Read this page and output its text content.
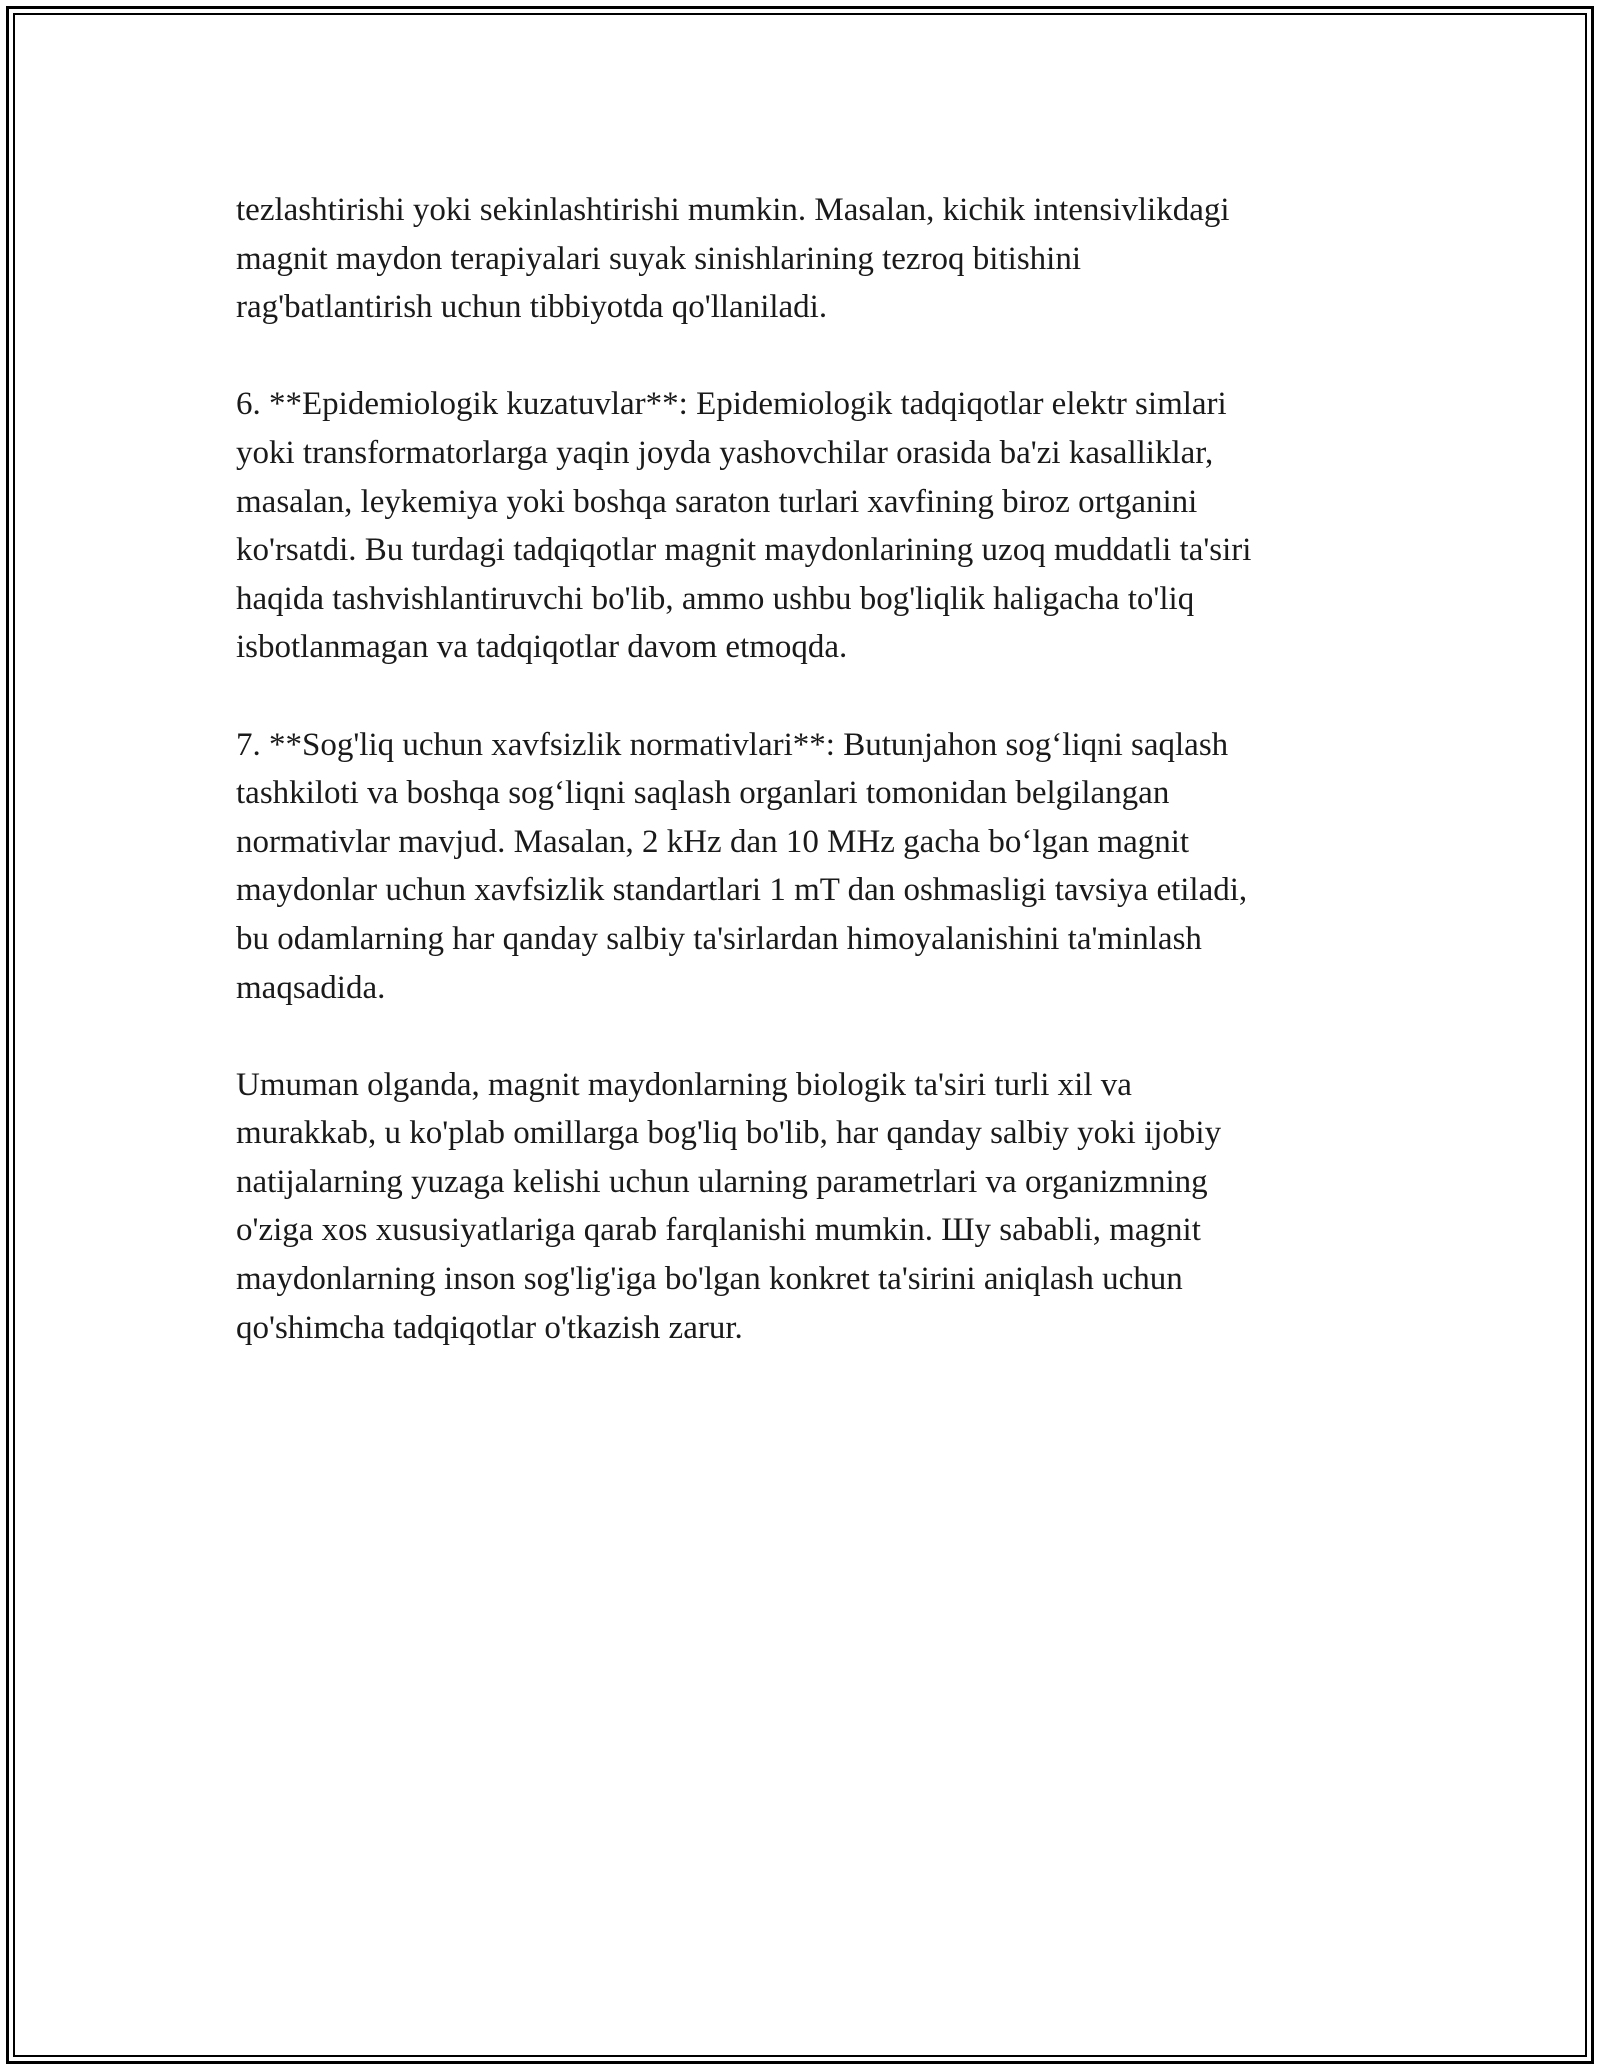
tezlashtirishi yoki sekinlashtirishi mumkin. Masalan, kichik intensivlikdagi
magnit maydon terapiyalari suyak sinishlarining tezroq bitishini
rag'batlantirish uchun tibbiyotda qo'llaniladi.

6. **Epidemiologik kuzatuvlar**: Epidemiologik tadqiqotlar elektr simlari
yoki transformatorlarga yaqin joyda yashovchilar orasida ba'zi kasalliklar,
masalan, leykemiya yoki boshqa saraton turlari xavfining biroz ortganini
ko'rsatdi. Bu turdagi tadqiqotlar magnit maydonlarining uzoq muddatli ta'siri
haqida tashvishlantiruvchi bo'lib, ammo ushbu bog'liqlik haligacha to'liq
isbotlanmagan va tadqiqotlar davom etmoqda.

7. **Sog'liq uchun xavfsizlik normativlari**: Butunjahon sog‘liqni saqlash
tashkiloti va boshqa sog‘liqni saqlash organlari tomonidan belgilangan
normativlar mavjud. Masalan, 2 kHz dan 10 MHz gacha bo‘lgan magnit
maydonlar uchun xavfsizlik standartlari 1 mT dan oshmasligi tavsiya etiladi,
bu odamlarning har qanday salbiy ta'sirlardan himoyalanishini ta'minlash
maqsadida.

Umuman olganda, magnit maydonlarning biologik ta'siri turli xil va
murakkab, u ko'plab omillarga bog'liq bo'lib, har qanday salbiy yoki ijobiy
natijalarning yuzaga kelishi uchun ularning parametrlari va organizmning
o'ziga xos xususiyatlariga qarab farqlanishi mumkin. Шу sababli, magnit
maydonlarning inson sog'lig'iga bo'lgan konkret ta'sirini aniqlash uchun
qo'shimcha tadqiqotlar o'tkazish zarur.
